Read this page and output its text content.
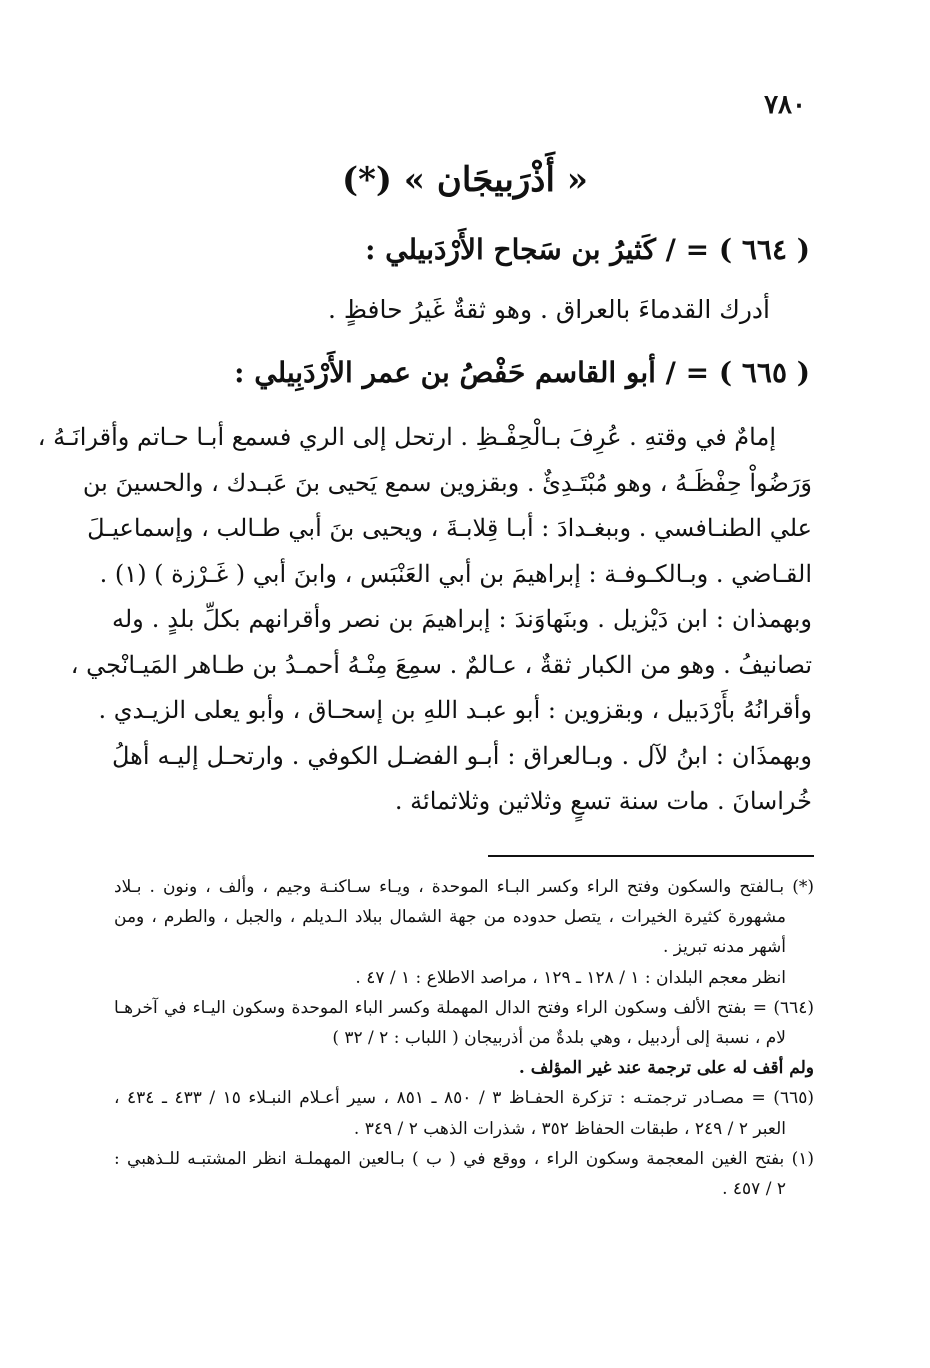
٧٨٠
« أَذْرَبيجَان » (*)
( ٦٦٤ ) = / كَثيرُ بن سَجاح الأَرْدَبيلي :
أدرك القدماءَ بالعراق . وهو ثقةٌ غَيرُ حافظٍ .
( ٦٦٥ ) = / أبو القاسم حَفْصُ بن عمر الأَرْدَبِيلي :
إمامٌ في وقتهِ . عُرِفَ بـالْحِفْـظِ . ارتحل إلى الري فسمع أبـا حـاتم وأقرانَـهُ ،
وَرَضُواْ حِفْظَـهُ ، وهو مُبْتَـدِئٌ . وبقزوين سمع يَحيى بنَ عَبـدك ، والحسينَ بن
علي الطنـافسي . وببغـدادَ : أبـا قِلابـةَ ، ويحيى بنَ أبي طـالب ، وإسماعيـلَ
القـاضي . وبـالكـوفـة : إبراهيمَ بن أبي العَنْبَس ، وابنَ أبي ( غَـرْزة ) (١) .
وبهمذان : ابن دَيْزيل . وبنَهاوَندَ : إبراهيمَ بن نصر وأقرانهم بكلِّ بلدٍ . وله
تصانيفُ . وهو من الكبار ثقةٌ ، عـالمٌ . سمِعَ مِنْـهُ أحمـدُ بن طـاهر المَيـانْجي ،
وأقرانُهُ بأَرْدَبيل ، وبقزوين : أبو عبـد اللهِ بن إسحـاق ، وأبو يعلى الزيـدي .
وبهمذَان : ابنُ لآل . وبـالعراق : أبـو الفضـل الكوفي . وارتحـل إليـه أهلُ
خُراسانَ . مات سنة تسعٍ وثلاثين وثلاثمائة .
(*) بـالفتح والسكون وفتح الراء وكسر البـاء الموحدة ، ويـاء سـاكنـة وجيم ، وألف ، ونون . بـلاد
مشهورة كثيرة الخيرات ، يتصل حدوده من جهة الشمال ببلاد الـديلم ، والجبل ، والطرم ، ومن
أشهر مدنه تبريز .
انظر معجم البلدان : ١ / ١٢٨ ـ ١٢٩ ، مراصد الاطلاع : ١ / ٤٧ .
(٦٦٤) = بفتح الألف وسكون الراء وفتح الدال المهملة وكسر الباء الموحدة وسكون اليـاء في آخرهـا
لام ، نسبة إلى أردبيل ، وهي بلدةٌ من أذربيجان ( اللباب : ٢ / ٣٢ )
ولم أقف له على ترجمة عند غير المؤلف .
(٦٦٥) = مصـادر ترجمتـه : تزكرة الحفـاظ ٣ / ٨٥٠ ـ ٨٥١ ، سير أعـلام النبـلاء ١٥ / ٤٣٣ ـ ٤٣٤ ،
العبر ٢ / ٢٤٩ ، طبقات الحفاظ ٣٥٢ ، شذرات الذهب ٢ / ٣٤٩ .
(١) بفتح الغين المعجمة وسكون الراء ، ووقع في ( ب ) بـالعين المهملـة انظر المشتبـه للـذهبي :
٢ / ٤٥٧ .
